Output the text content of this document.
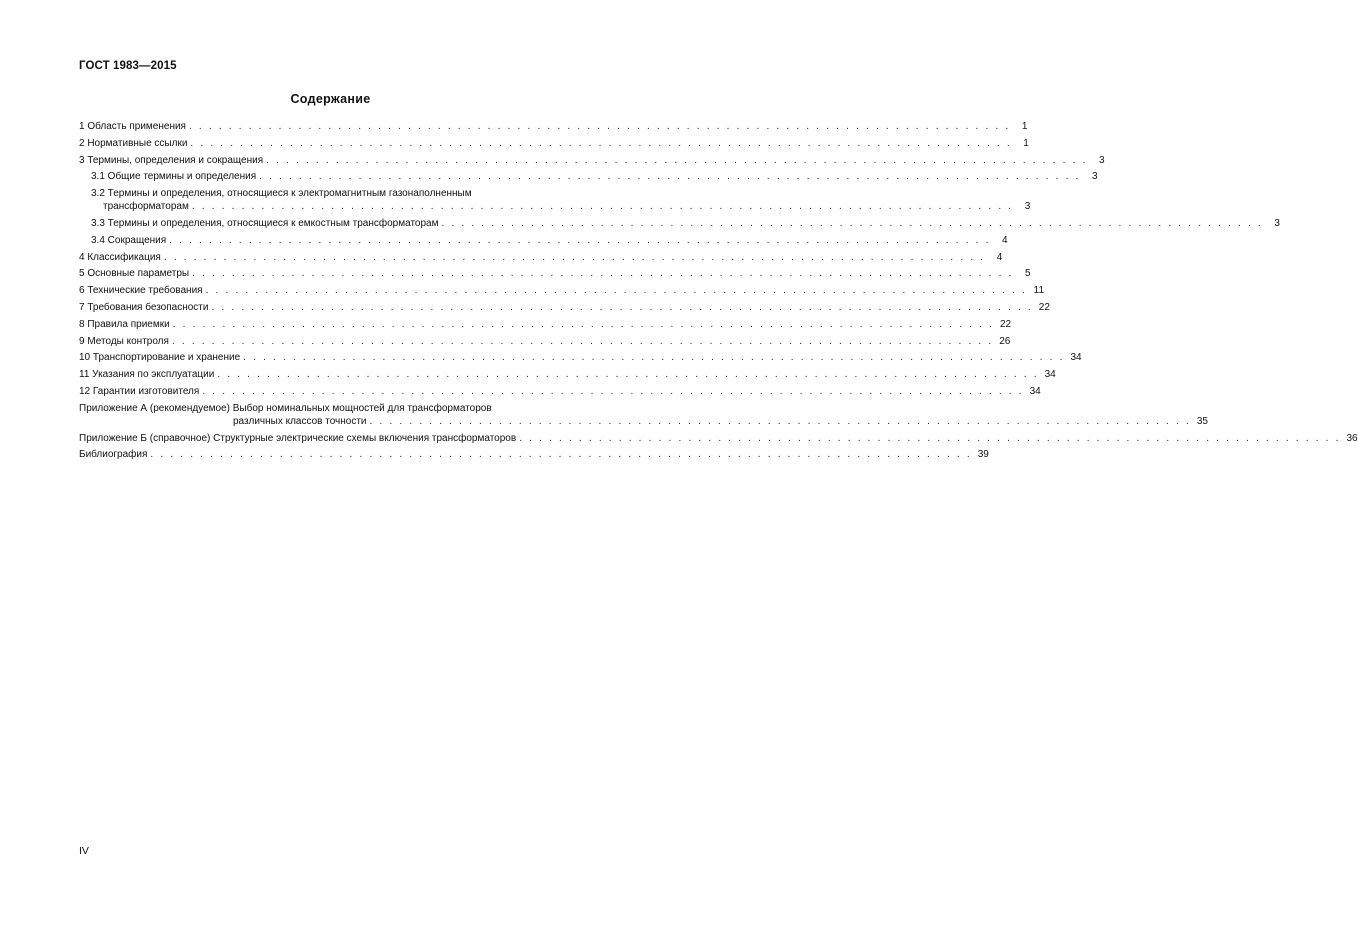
ГОСТ 1983—2015
Содержание
1 Область применения . . . . . . . . . . . . . . . . . . . . . . . . . . . . . . . . . . . . . . . . . . . . . . . . . . . . . . . . . . . . . . . . . . . . . . . . . . . . . . . . . . .	1
2 Нормативные ссылки . . . . . . . . . . . . . . . . . . . . . . . . . . . . . . . . . . . . . . . . . . . . . . . . . . . . . . . . . . . . . . . . . . . . . . . . . . . . . . . . . . .	1
3 Термины, определения и сокращения . . . . . . . . . . . . . . . . . . . . . . . . . . . . . . . . . . . . . . . . . . . . . . . . . . . . . . . . . . . . . . . . . . . . . . . . . . . . . . . . . . .	3
3.1 Общие термины и определения . . . . . . . . . . . . . . . . . . . . . . . . . . . . . . . . . . . . . . . . . . . . . . . . . . . . . . . . . . . . . . . . . . . . . . . . . . . . . . . . . . .	3
3.2 Термины и определения, относящиеся к электромагнитным газонаполненным
трансформаторам . . . . . . . . . . . . . . . . . . . . . . . . . . . . . . . . . . . . . . . . . . . . . . . . . . . . . . . . . . . . . . . . . . . . . . . . . . . . . . . . . . .	3
3.3 Термины и определения, относящиеся к емкостным трансформаторам . . . . . . . . . . . . . . . . . . . . . . . . . . . . . . . . . . . . . . . . . . . . . . . . . . . . . . . . . . . . . . . . . . . . . . . . . . . . . . . . . . .	3
3.4 Сокращения . . . . . . . . . . . . . . . . . . . . . . . . . . . . . . . . . . . . . . . . . . . . . . . . . . . . . . . . . . . . . . . . . . . . . . . . . . . . . . . . . . .	4
4 Классификация . . . . . . . . . . . . . . . . . . . . . . . . . . . . . . . . . . . . . . . . . . . . . . . . . . . . . . . . . . . . . . . . . . . . . . . . . . . . . . . . . . .	4
5 Основные параметры . . . . . . . . . . . . . . . . . . . . . . . . . . . . . . . . . . . . . . . . . . . . . . . . . . . . . . . . . . . . . . . . . . . . . . . . . . . . . . . . . . .	5
6 Технические требования . . . . . . . . . . . . . . . . . . . . . . . . . . . . . . . . . . . . . . . . . . . . . . . . . . . . . . . . . . . . . . . . . . . . . . . . . . . . . . . . . . . 11
7 Требования безопасности . . . . . . . . . . . . . . . . . . . . . . . . . . . . . . . . . . . . . . . . . . . . . . . . . . . . . . . . . . . . . . . . . . . . . . . . . . . . . . . . . . . 22
8 Правила приемки . . . . . . . . . . . . . . . . . . . . . . . . . . . . . . . . . . . . . . . . . . . . . . . . . . . . . . . . . . . . . . . . . . . . . . . . . . . . . . . . . . . 22
9 Методы контроля . . . . . . . . . . . . . . . . . . . . . . . . . . . . . . . . . . . . . . . . . . . . . . . . . . . . . . . . . . . . . . . . . . . . . . . . . . . . . . . . . . . 26
10 Транспортирование и хранение . . . . . . . . . . . . . . . . . . . . . . . . . . . . . . . . . . . . . . . . . . . . . . . . . . . . . . . . . . . . . . . . . . . . . . . . . . . . . . . . . . . 34
11 Указания по эксплуатации . . . . . . . . . . . . . . . . . . . . . . . . . . . . . . . . . . . . . . . . . . . . . . . . . . . . . . . . . . . . . . . . . . . . . . . . . . . . . . . . . . . 34
12 Гарантии изготовителя . . . . . . . . . . . . . . . . . . . . . . . . . . . . . . . . . . . . . . . . . . . . . . . . . . . . . . . . . . . . . . . . . . . . . . . . . . . . . . . . . . . 34
Приложение А (рекомендуемое) Выбор номинальных мощностей для трансформаторов
различных классов точности . . . . . . . . . . . . . . . . . . . . . . . . . . . . . . . . . . . . . . . . . . . . . . . . . . . . . . . . . . . . . . . . . . . . . . . . . . . . . . . . . . . 35
Приложение Б (справочное) Структурные электрические схемы включения трансформаторов . . . . . . . . . . . . . . . . . . . . . . . . . . . . . . . . . . . . . . . . . . . . . . . . . . . . . . . . . . . . . . . . . . . . . . . . . . . . . . . . . . . 36
Библиография . . . . . . . . . . . . . . . . . . . . . . . . . . . . . . . . . . . . . . . . . . . . . . . . . . . . . . . . . . . . . . . . . . . . . . . . . . . . . . . . . . . 39
IV
